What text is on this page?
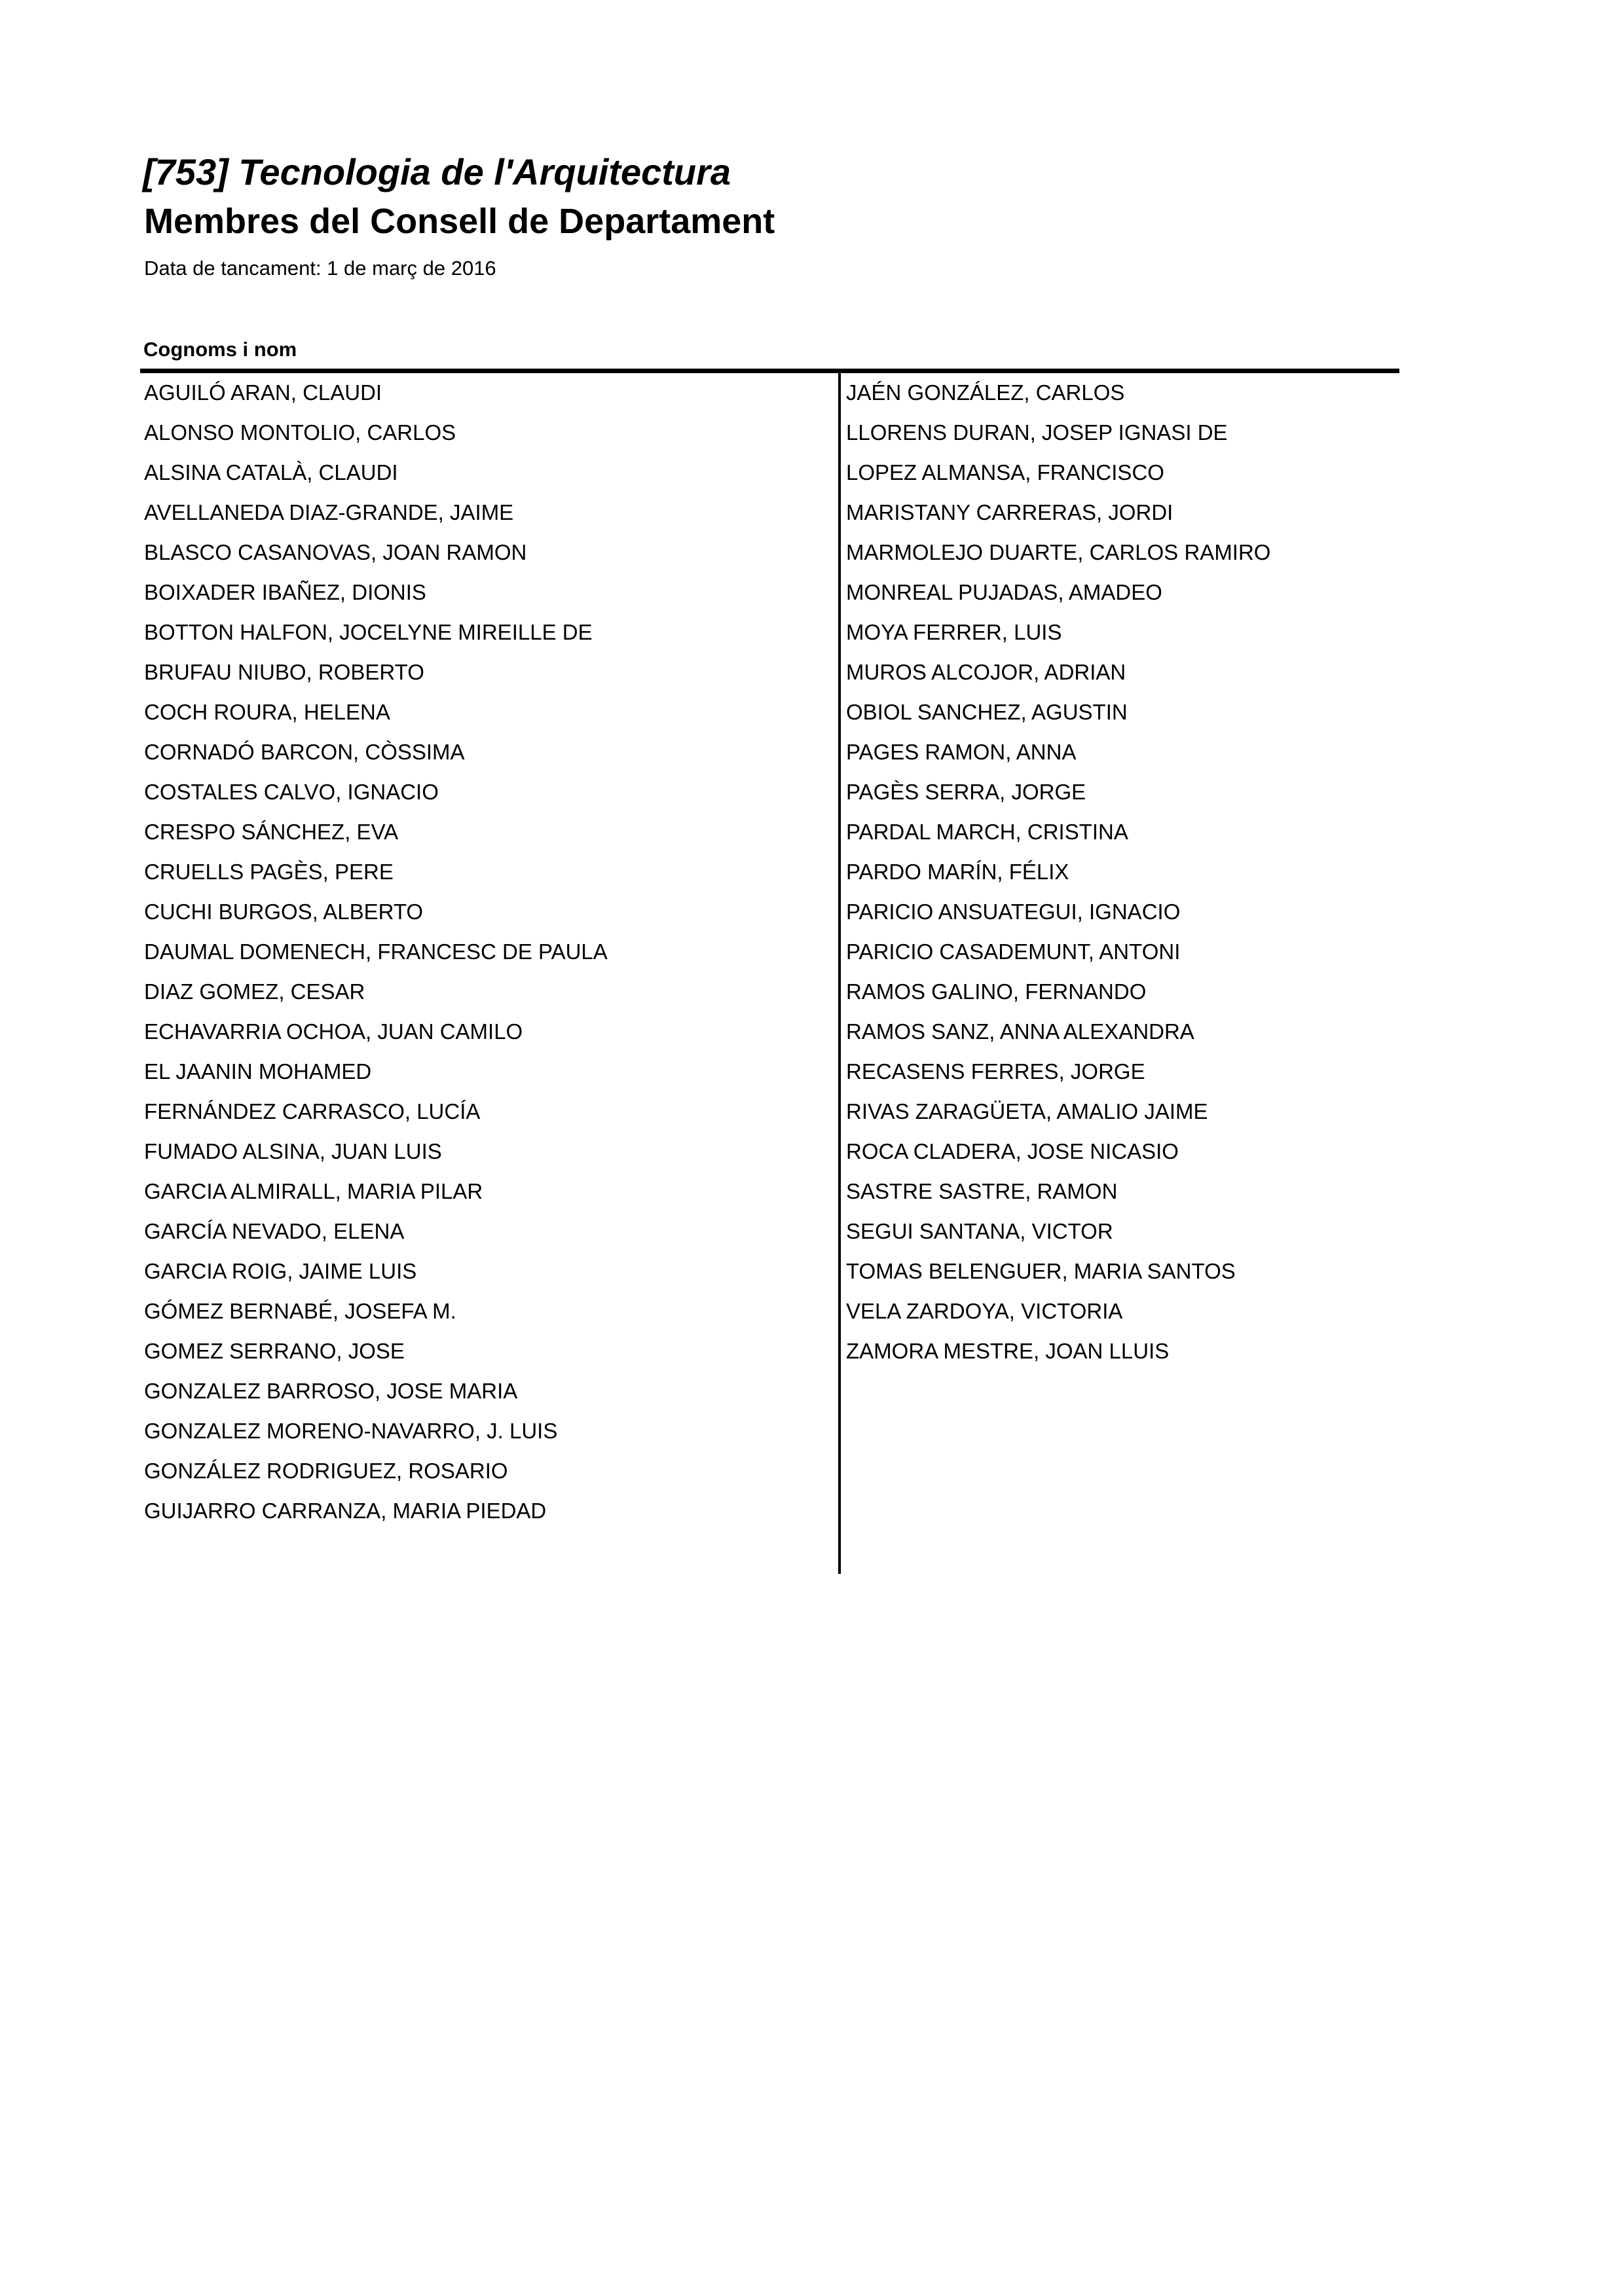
[753] Tecnologia de l'Arquitectura
Membres del Consell de Departament
Data de tancament: 1 de març de 2016
Cognoms i nom
AGUILÓ ARAN, CLAUDI
ALONSO MONTOLIO, CARLOS
ALSINA CATALÀ, CLAUDI
AVELLANEDA DIAZ-GRANDE, JAIME
BLASCO CASANOVAS, JOAN RAMON
BOIXADER IBAÑEZ, DIONIS
BOTTON HALFON, JOCELYNE MIREILLE DE
BRUFAU NIUBO, ROBERTO
COCH ROURA, HELENA
CORNADÓ BARCON, CÒSSIMA
COSTALES CALVO, IGNACIO
CRESPO SÁNCHEZ, EVA
CRUELLS PAGÈS, PERE
CUCHI BURGOS, ALBERTO
DAUMAL DOMENECH, FRANCESC DE PAULA
DIAZ GOMEZ, CESAR
ECHAVARRIA OCHOA, JUAN CAMILO
EL JAANIN MOHAMED
FERNÁNDEZ CARRASCO, LUCÍA
FUMADO ALSINA, JUAN LUIS
GARCIA ALMIRALL, MARIA PILAR
GARCÍA NEVADO, ELENA
GARCIA ROIG, JAIME LUIS
GÓMEZ BERNABÉ, JOSEFA M.
GOMEZ SERRANO, JOSE
GONZALEZ BARROSO, JOSE MARIA
GONZALEZ MORENO-NAVARRO, J. LUIS
GONZÁLEZ RODRIGUEZ, ROSARIO
GUIJARRO CARRANZA, MARIA PIEDAD
JAÉN GONZÁLEZ, CARLOS
LLORENS DURAN, JOSEP IGNASI DE
LOPEZ ALMANSA, FRANCISCO
MARISTANY CARRERAS, JORDI
MARMOLEJO DUARTE, CARLOS RAMIRO
MONREAL PUJADAS, AMADEO
MOYA FERRER, LUIS
MUROS ALCOJOR, ADRIAN
OBIOL SANCHEZ, AGUSTIN
PAGES RAMON, ANNA
PAGÈS SERRA, JORGE
PARDAL MARCH, CRISTINA
PARDO MARÍN, FÉLIX
PARICIO ANSUATEGUI, IGNACIO
PARICIO CASADEMUNT, ANTONI
RAMOS GALINO, FERNANDO
RAMOS SANZ, ANNA ALEXANDRA
RECASENS FERRES, JORGE
RIVAS ZARAGÜETA, AMALIO JAIME
ROCA CLADERA, JOSE NICASIO
SASTRE SASTRE, RAMON
SEGUI SANTANA, VICTOR
TOMAS BELENGUER, MARIA SANTOS
VELA ZARDOYA, VICTORIA
ZAMORA MESTRE, JOAN LLUIS
